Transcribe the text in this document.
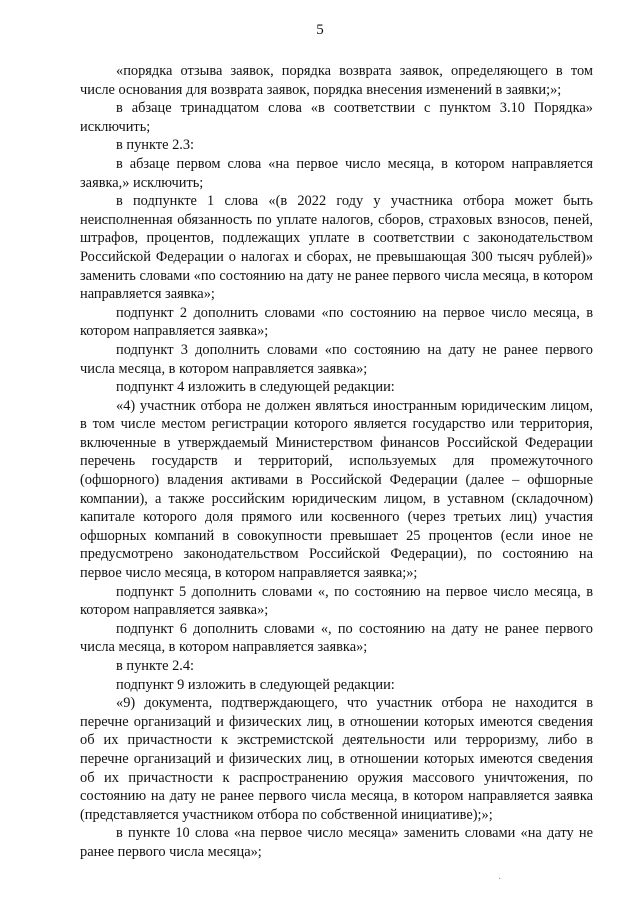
5

«порядка отзыва заявок, порядка возврата заявок, определяющего в том числе основания для возврата заявок, порядка внесения изменений в заявки;»;

в абзаце тринадцатом слова «в соответствии с пунктом 3.10 Порядка» исключить;

в пункте 2.3:

в абзаце первом слова «на первое число месяца, в котором направляется заявка,» исключить;

в подпункте 1 слова «(в 2022 году у участника отбора может быть неисполненная обязанность по уплате налогов, сборов, страховых взносов, пеней, штрафов, процентов, подлежащих уплате в соответствии с законодательством Российской Федерации о налогах и сборах, не превышающая 300 тысяч рублей)» заменить словами «по состоянию на дату не ранее первого числа месяца, в котором направляется заявка»;

подпункт 2 дополнить словами «по состоянию на первое число месяца, в котором направляется заявка»;

подпункт 3 дополнить словами «по состоянию на дату не ранее первого числа месяца, в котором направляется заявка»;

подпункт 4 изложить в следующей редакции:

«4) участник отбора не должен являться иностранным юридическим лицом, в том числе местом регистрации которого является государство или территория, включенные в утверждаемый Министерством финансов Российской Федерации перечень государств и территорий, используемых для промежуточного (офшорного) владения активами в Российской Федерации (далее – офшорные компании), а также российским юридическим лицом, в уставном (складочном) капитале которого доля прямого или косвенного (через третьих лиц) участия офшорных компаний в совокупности превышает 25 процентов (если иное не предусмотрено законодательством Российской Федерации), по состоянию на первое число месяца, в котором направляется заявка;»;

подпункт 5 дополнить словами «, по состоянию на первое число месяца, в котором направляется заявка»;

подпункт 6 дополнить словами «, по состоянию на дату не ранее первого числа месяца, в котором направляется заявка»;

в пункте 2.4:

подпункт 9 изложить в следующей редакции:

«9) документа, подтверждающего, что участник отбора не находится в перечне организаций и физических лиц, в отношении которых имеются сведения об их причастности к экстремистской деятельности или терроризму, либо в перечне организаций и физических лиц, в отношении которых имеются сведения об их причастности к распространению оружия массового уничтожения, по состоянию на дату не ранее первого числа месяца, в котором направляется заявка (представляется участником отбора по собственной инициативе);»;

в пункте 10 слова «на первое число месяца» заменить словами «на дату не ранее первого числа месяца»;

·
